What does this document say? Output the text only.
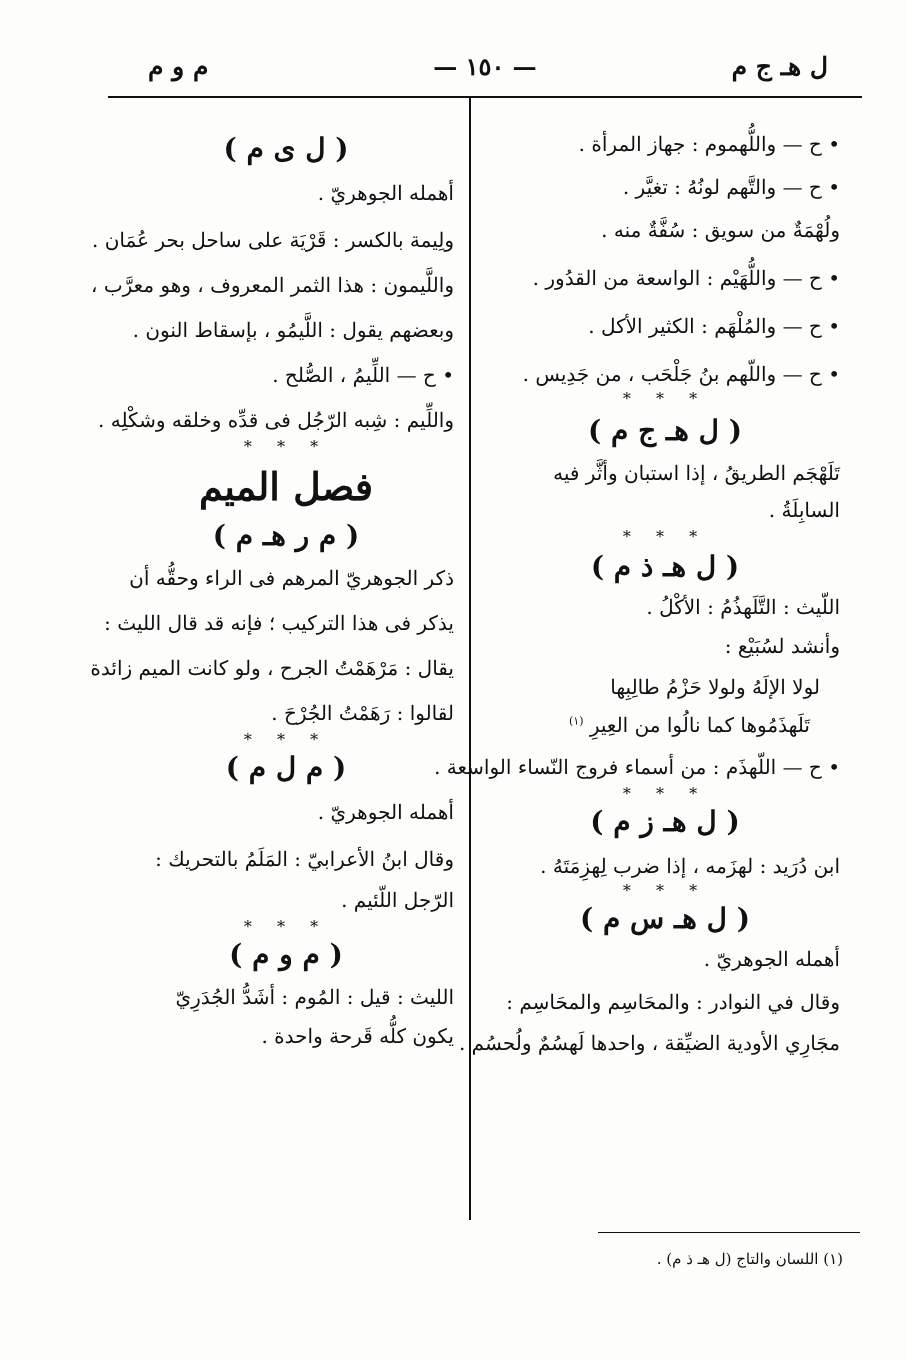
ل هـ ج م
— ١٥٠ —
م و م
• ح — واللُّهموم : جهاز المرأة .
• ح — والتَّهم لونُهُ : تغيَّر .
ولُهْمَةٌ من سويق : سُفَّةٌ منه .
• ح — واللُّهَيْم : الواسعة من القدُور .
• ح — والمُلْهَم : الكثير الأكل .
• ح — واللّهم بنُ جَلْحَب ، من جَدِيس .
* * *
( ل هـ ج م )
تَلَهْجَم الطريقُ ، إذا استبان وأثَّر فيه
السابِلَةُ .
* * *
( ل هـ ذ م )
اللّيث : التَّلَهذُمُ : الأكْلُ .
وأنشد لسُبَيْع :
لولا الإلَهُ ولولا حَزْمُ طالِبِها
تَلَهذَمُوها كما نالُوا من العِيرِ $^{(١)}$
• ح — اللّهذَم : من أسماء فروج النّساء الواسعة .
* * *
( ل هـ ز م )
ابن دُرَيد : لهزَمه ، إذا ضرب لِهزِمَتَهُ .
* * *
( ل هـ س م )
أهمله الجوهريّ .
وقال في النوادر : والمحَاسِم والمحَاسِم :
مجَارِي الأودية الضيِّقة ، واحدها لَهسُمٌ ولُحسُم .
( ل ى م )
أهمله الجوهريّ .
ولِيمة بالكسر : قَرْيَة على ساحل بحر عُمَان .
واللَّيمون : هذا الثمر المعروف ، وهو معرَّب ،
وبعضهم يقول : اللَّيمُو ، بإسقاط النون .
• ح — اللِّيمُ ، الصُّلح .
واللِّيم : شِبه الرّجُل فى قدِّه وخلقه وشكْلِه .
* * *
فصل الميم
( م ر هـ م )
ذكر الجوهريّ المرهم فى الراء وحقُّه أن
يذكر فى هذا التركيب ؛ فإنه قد قال الليث :
يقال : مَرْهَمْتُ الجرح ، ولو كانت الميم زائدة
لقالوا : رَهَمْتُ الجُرْحَ .
* * *
( م ل م )
أهمله الجوهريّ .
وقال ابنُ الأعرابيّ : المَلَمُ بالتحريك :
الرّجل اللّئيم .
* * *
( م و م )
الليث : قيل : المُوم : أشَدُّ الجُدَرِيّ
يكون كلُّه قَرحة واحدة .
(١) اللسان والتاج (ل هـ ذ م) .
